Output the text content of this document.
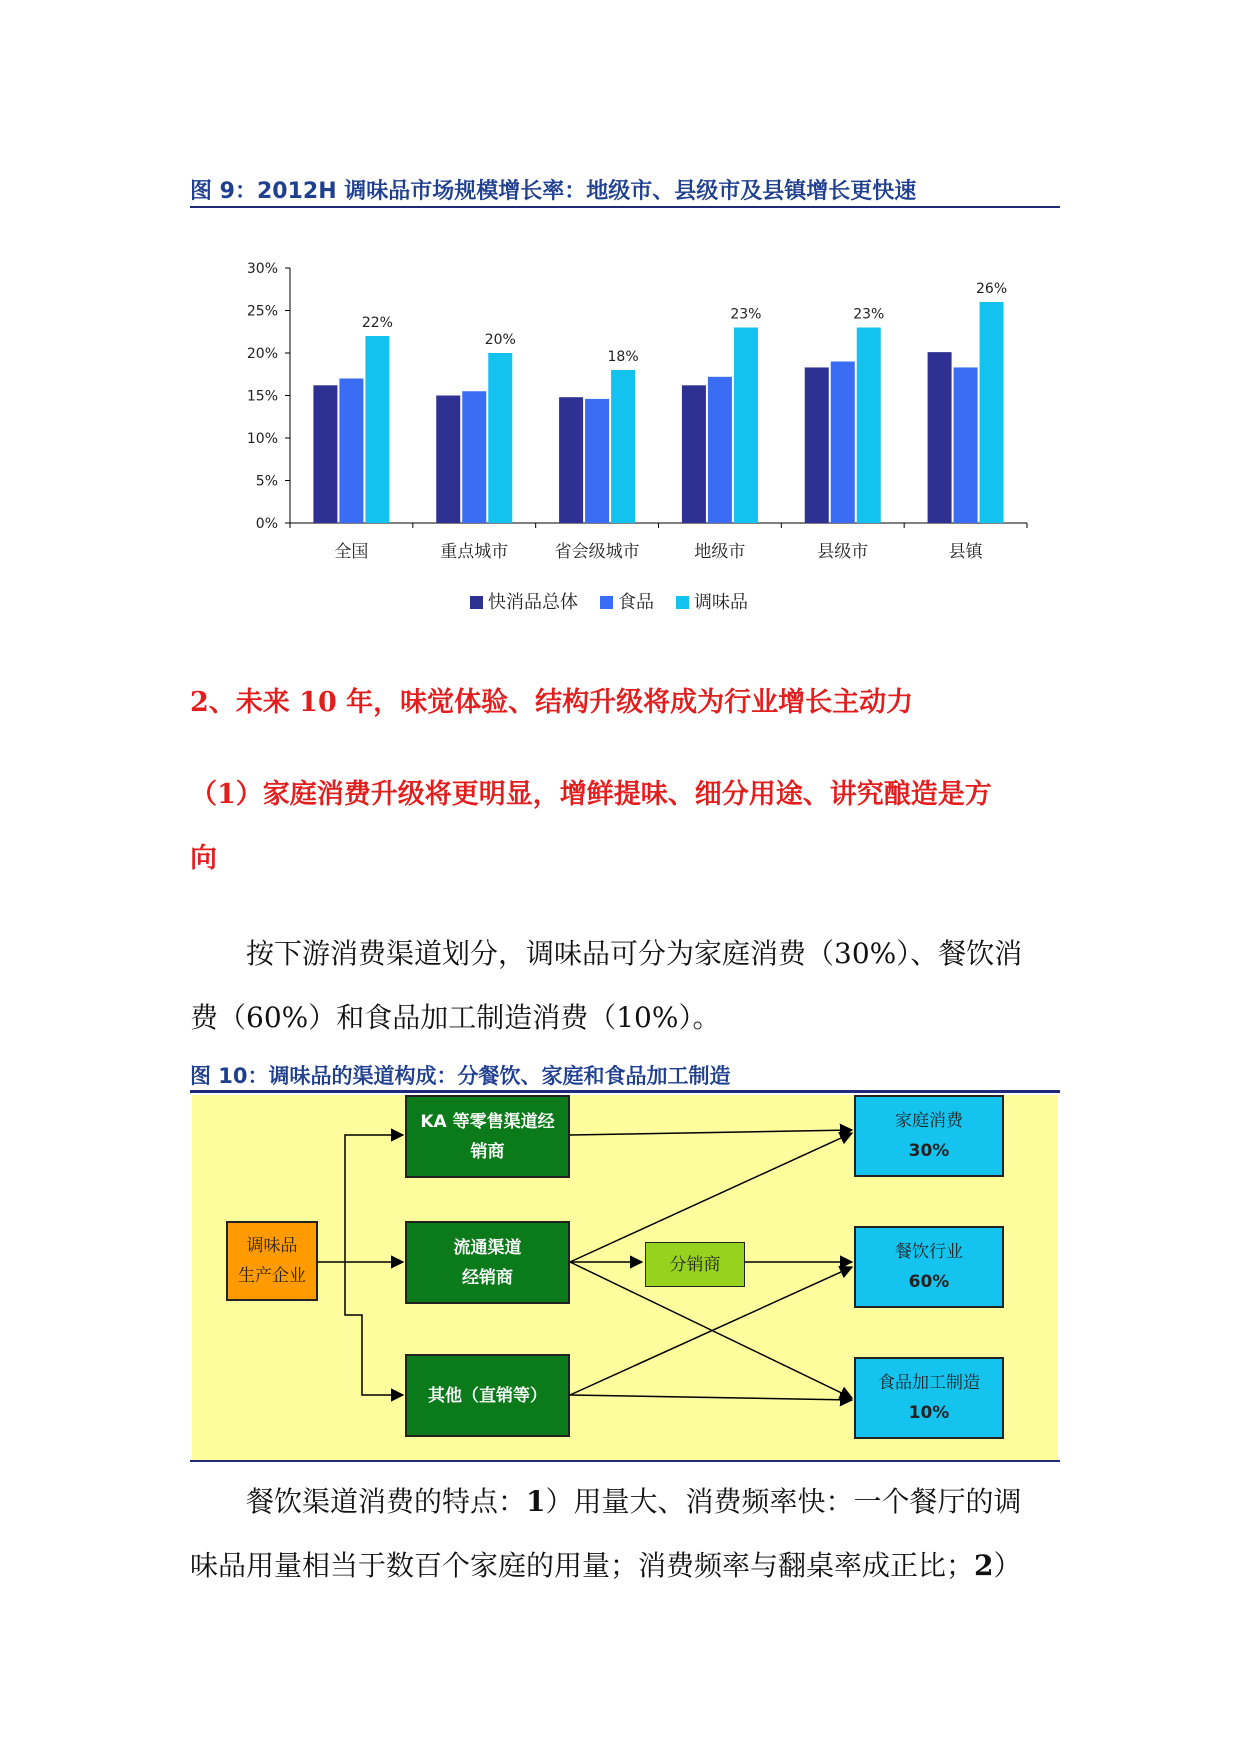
图 9：2012H 调味品市场规模增长率：地级市、县级市及县镇增长更快速
0%
5%
10%
15%
20%
25%
30%
22%
全国
20%
重点城市
18%
省会级城市
23%
地级市
23%
县级市
26%
县镇
快消品总体 食品 调味品
2、未来 10 年，味觉体验、结构升级将成为行业增长主动力
（1）家庭消费升级将更明显，增鲜提味、细分用途、讲究酿造是方
向

按下游消费渠道划分，调味品可分为家庭消费（30%）、餐饮消
费（60%）和食品加工制造消费（10%）。

图 10：调味品的渠道构成：分餐饮、家庭和食品加工制造
调味品
生产企业
KA 等零售渠道经
销商
流通渠道
经销商
其他（直销等）
分销商
家庭消费
30%
餐饮行业
60%
食品加工制造
10%

餐饮渠道消费的特点：1）用量大、消费频率快：一个餐厅的调
味品用量相当于数百个家庭的用量；消费频率与翻桌率成正比；2）
